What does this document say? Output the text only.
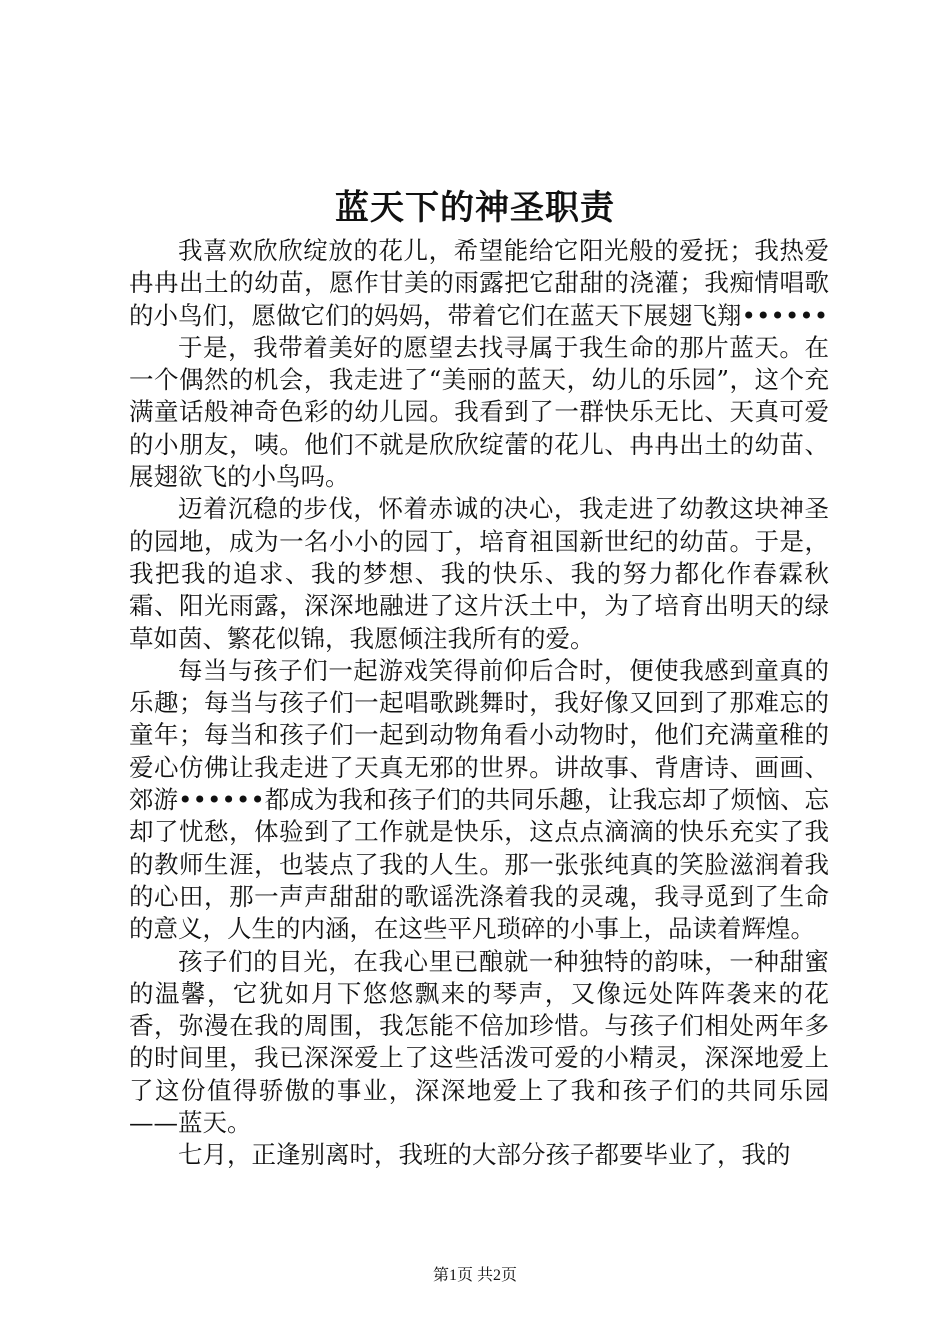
蓝天下的神圣职责

我喜欢欣欣绽放的花儿，希望能给它阳光般的爱抚；我热爱冉冉出土的幼苗，愿作甘美的雨露把它甜甜的浇灌；我痴情唱歌的小鸟们，愿做它们的妈妈，带着它们在蓝天下展翅飞翔••••••

于是，我带着美好的愿望去找寻属于我生命的那片蓝天。在一个偶然的机会，我走进了“美丽的蓝天，幼儿的乐园”，这个充满童话般神奇色彩的幼儿园。我看到了一群快乐无比、天真可爱的小朋友，咦。他们不就是欣欣绽蕾的花儿、冉冉出土的幼苗、展翅欲飞的小鸟吗。

迈着沉稳的步伐，怀着赤诚的决心，我走进了幼教这块神圣的园地，成为一名小小的园丁，培育祖国新世纪的幼苗。于是，我把我的追求、我的梦想、我的快乐、我的努力都化作春霖秋霜、阳光雨露，深深地融进了这片沃土中，为了培育出明天的绿草如茵、繁花似锦，我愿倾注我所有的爱。

每当与孩子们一起游戏笑得前仰后合时，便使我感到童真的乐趣；每当与孩子们一起唱歌跳舞时，我好像又回到了那难忘的童年；每当和孩子们一起到动物角看小动物时，他们充满童稚的爱心仿佛让我走进了天真无邪的世界。讲故事、背唐诗、画画、郊游••••••都成为我和孩子们的共同乐趣，让我忘却了烦恼、忘却了忧愁，体验到了工作就是快乐，这点点滴滴的快乐充实了我的教师生涯，也装点了我的人生。那一张张纯真的笑脸滋润着我的心田，那一声声甜甜的歌谣洗涤着我的灵魂，我寻觅到了生命的意义，人生的内涵，在这些平凡琐碎的小事上，品读着辉煌。

孩子们的目光，在我心里已酿就一种独特的韵味，一种甜蜜的温馨，它犹如月下悠悠飘来的琴声，又像远处阵阵袭来的花香，弥漫在我的周围，我怎能不倍加珍惜。与孩子们相处两年多的时间里，我已深深爱上了这些活泼可爱的小精灵，深深地爱上了这份值得骄傲的事业，深深地爱上了我和孩子们的共同乐园——蓝天。

七月，正逢别离时，我班的大部分孩子都要毕业了，我的

第1页 共2页
